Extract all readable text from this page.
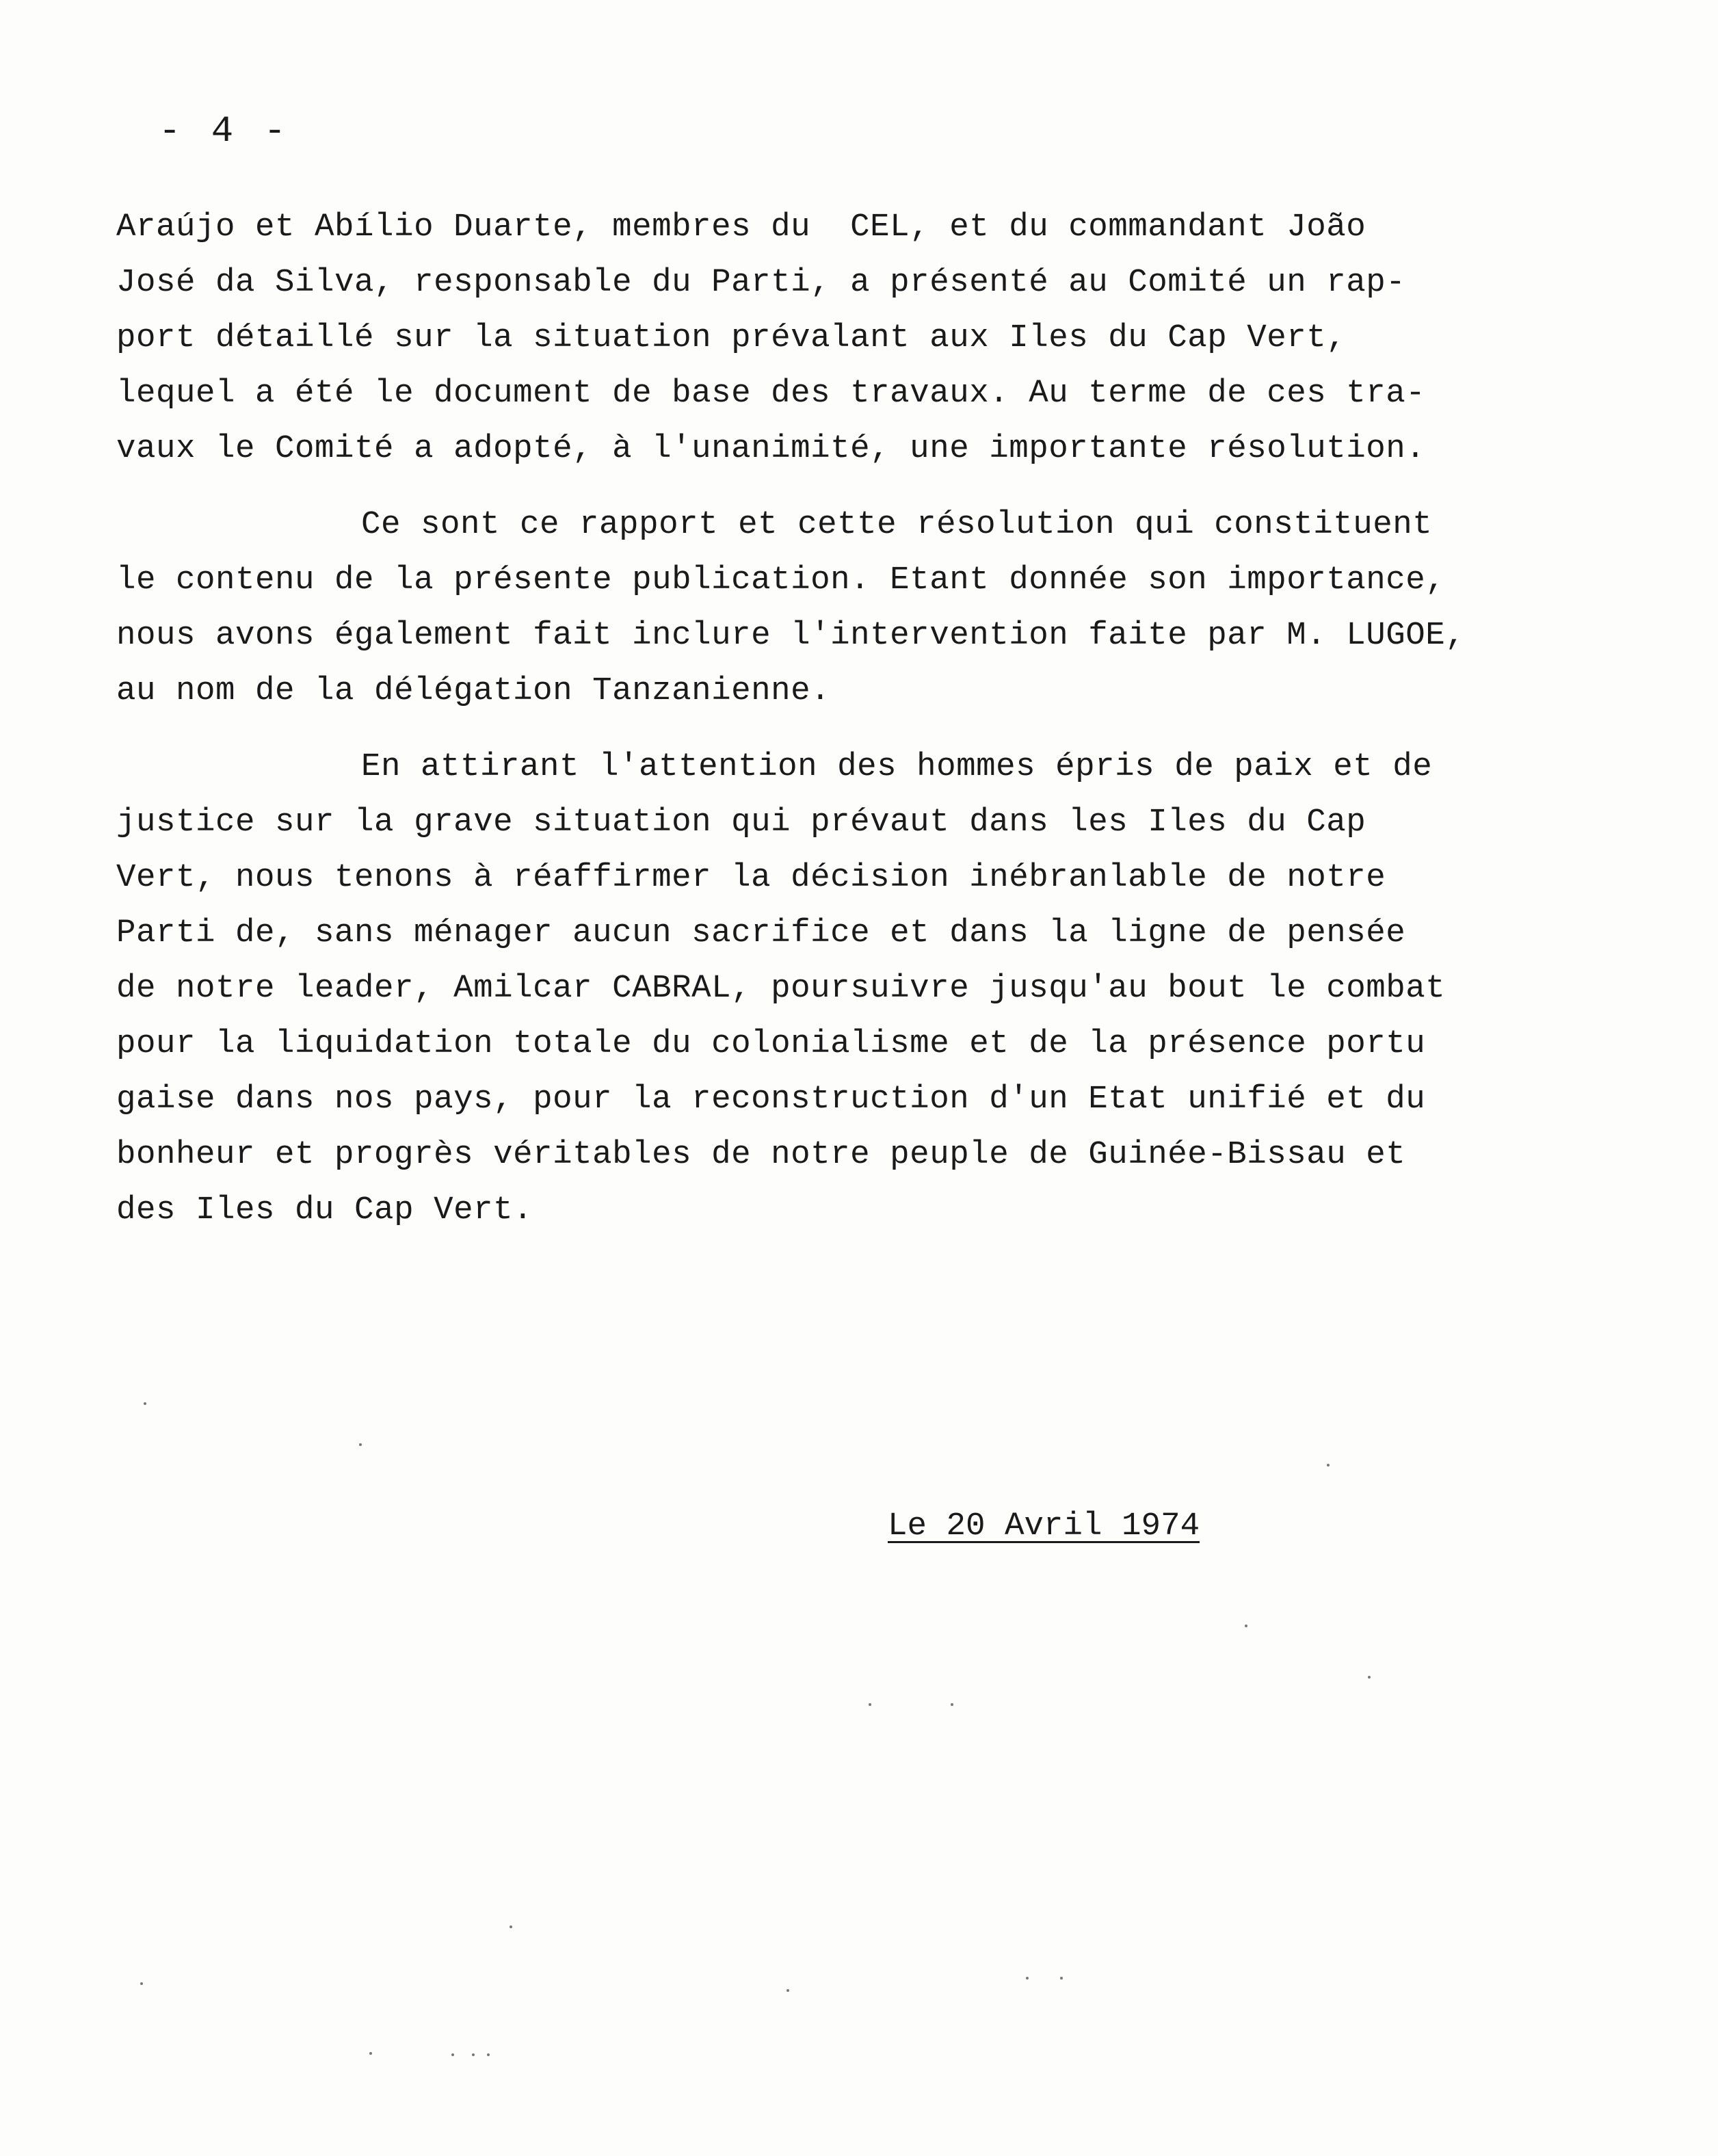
- 4 -
Araújo et Abílio Duarte, membres du  CEL, et du commandant João
José da Silva, responsable du Parti, a présenté au Comité un rap-
port détaillé sur la situation prévalant aux Iles du Cap Vert,
lequel a été le document de base des travaux. Au terme de ces tra-
vaux le Comité a adopté, à l'unanimité, une importante résolution.
Ce sont ce rapport et cette résolution qui constituent
le contenu de la présente publication. Etant donnée son importance,
nous avons également fait inclure l'intervention faite par M. LUGOE,
au nom de la délégation Tanzanienne.
En attirant l'attention des hommes épris de paix et de
justice sur la grave situation qui prévaut dans les Iles du Cap
Vert, nous tenons à réaffirmer la décision inébranlable de notre
Parti de, sans ménager aucun sacrifice et dans la ligne de pensée
de notre leader, Amilcar CABRAL, poursuivre jusqu'au bout le combat
pour la liquidation totale du colonialisme et de la présence portu
gaise dans nos pays, pour la reconstruction d'un Etat unifié et du
bonheur et progrès véritables de notre peuple de Guinée-Bissau et
des Iles du Cap Vert.
Le 20 Avril 1974
